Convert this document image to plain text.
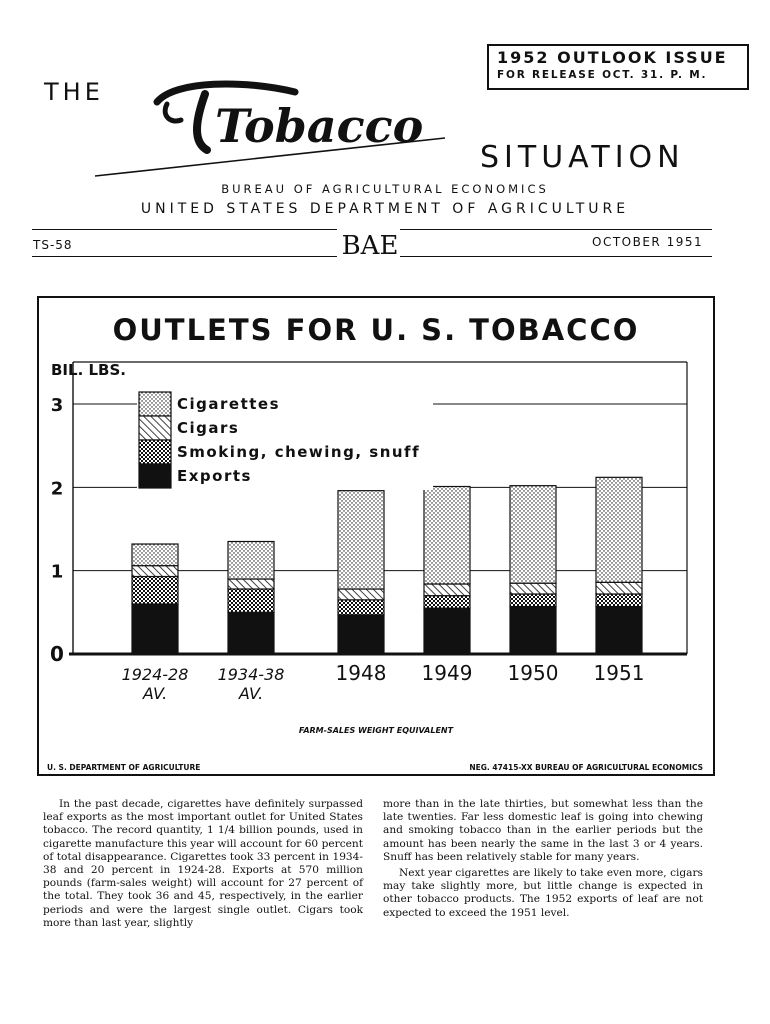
1952 OUTLOOK ISSUE
FOR RELEASE OCT. 31. P. M.
THE
Tobacco
SITUATION
BUREAU OF AGRICULTURAL ECONOMICS
UNITED STATES DEPARTMENT OF AGRICULTURE
TS-58	BAE	OCTOBER 1951
OUTLETS FOR U. S. TOBACCO
BIL. LBS.
Cigarettes
Cigars
Smoking, chewing, snuff
Exports
0
1
2
3
1924-28
AV.
1934-38
AV.
1948 1949 1950 1951
FARM-SALES WEIGHT EQUIVALENT
U. S. DEPARTMENT OF AGRICULTURE	NEG. 47415-XX BUREAU OF AGRICULTURAL ECONOMICS

In the past decade, cigarettes have definitely surpassed leaf exports as the most important outlet for United States tobacco. The record quantity, 1 1/4 billion pounds, used in cigarette manufacture this year will account for 60 percent of total disappearance. Cigarettes took 33 percent in 1934-38 and 20 percent in 1924-28. Exports at 570 million pounds (farm-sales weight) will account for 27 percent of the total. They took 36 and 45, respectively, in the earlier periods and were the largest single outlet. Cigars took more than last year, slightly

more than in the late thirties, but somewhat less than the late twenties. Far less domestic leaf is going into chewing and smoking tobacco than in the earlier periods but the amount has been nearly the same in the last 3 or 4 years. Snuff has been relatively stable for many years.

Next year cigarettes are likely to take even more, cigars may take slightly more, but little change is expected in other tobacco products. The 1952 exports of leaf are not expected to exceed the 1951 level.
